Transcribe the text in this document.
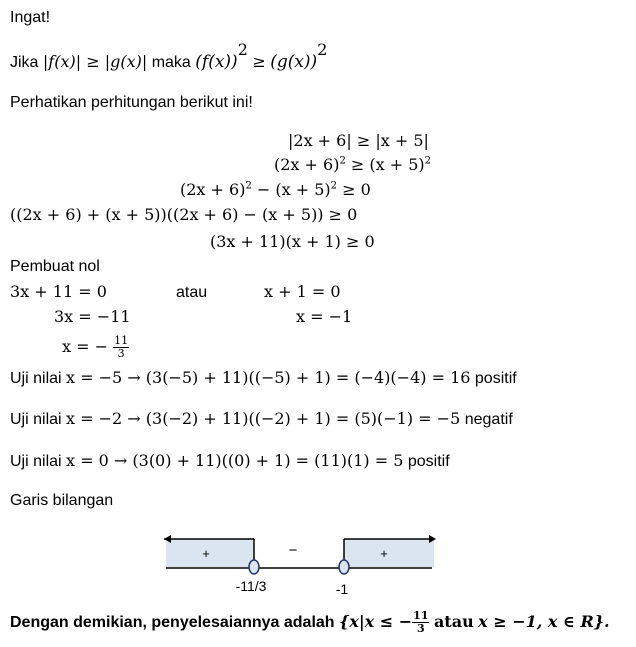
Ingat!
Jika |f(x)| ≥ |g(x)| maka $(f(x))^2 \ge (g(x))^2$
Perhatikan perhitungan berikut ini!
|2x + 6| ≥ |x + 5|
$(2x + 6)^2 \ge (x + 5)^2$
$(2x + 6)^2 - (x + 5)^2 \ge 0$
((2x + 6) + (x + 5))((2x + 6) − (x + 5)) ≥ 0
(3x + 11)(x + 1) ≥ 0
Pembuat nol
3x + 11 = 0	atau	x + 1 = 0
3x = −11	x = −1
x = − $\frac{11}{3}$
Uji nilai x = −5 → (3(−5) + 11)((−5) + 1) = (−4)(−4) = 16 positif
Uji nilai x = −2 → (3(−2) + 11)((−2) + 1) = (5)(−1) = −5 negatif
Uji nilai x = 0 → (3(0) + 11)((0) + 1) = (11)(1) = 5 positif
Garis bilangan
+	−	+
-11/3	-1
Dengan demikian, penyelesaiannya adalah {x|x ≤ − $\frac{11}{3}$ atau x ≥ −1, x ∈ R}.
